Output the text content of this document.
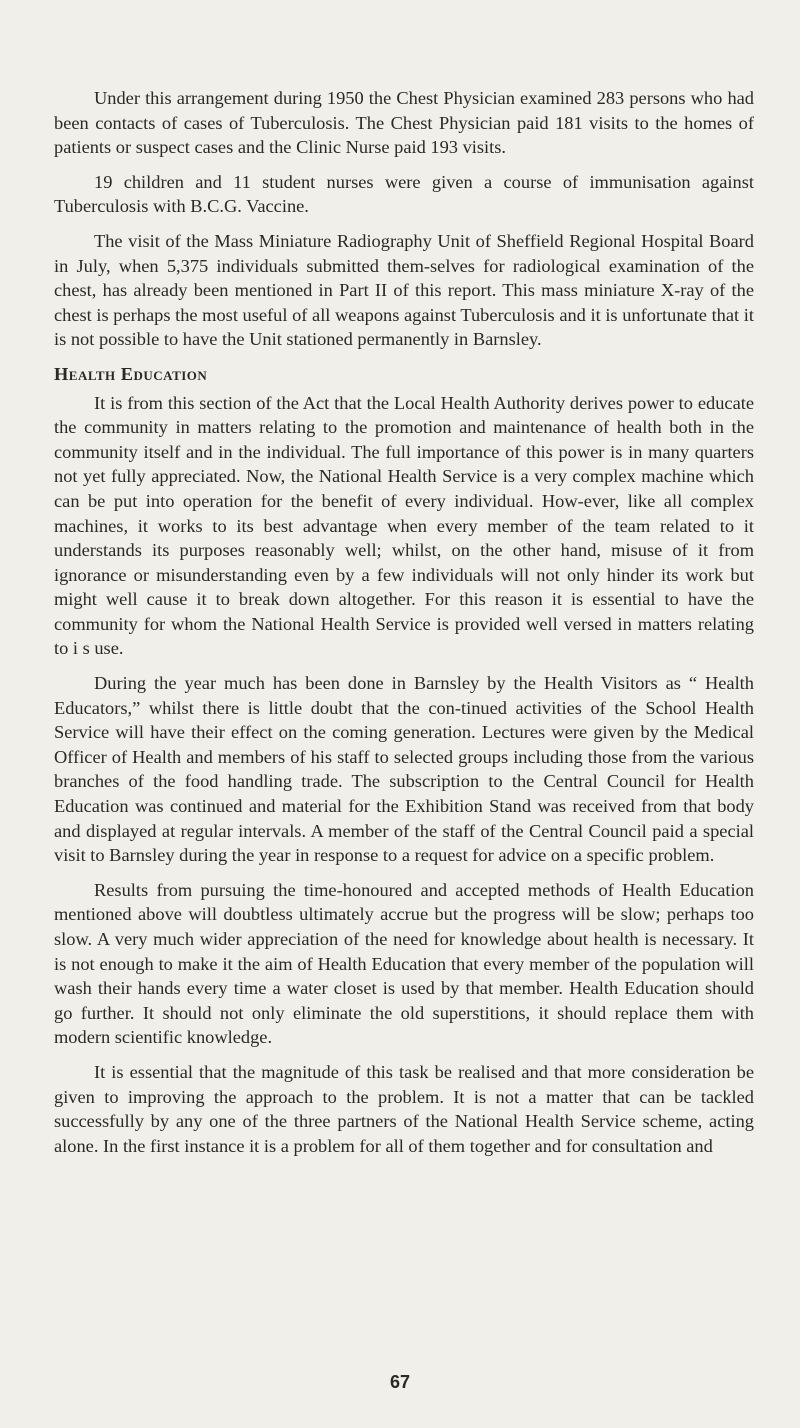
Under this arrangement during 1950 the Chest Physician examined 283 persons who had been contacts of cases of Tuberculosis. The Chest Physician paid 181 visits to the homes of patients or suspect cases and the Clinic Nurse paid 193 visits.

19 children and 11 student nurses were given a course of immunisation against Tuberculosis with B.C.G. Vaccine.

The visit of the Mass Miniature Radiography Unit of Sheffield Regional Hospital Board in July, when 5,375 individuals submitted them-selves for radiological examination of the chest, has already been mentioned in Part II of this report. This mass miniature X-ray of the chest is perhaps the most useful of all weapons against Tuberculosis and it is unfortunate that it is not possible to have the Unit stationed permanently in Barnsley.

Health Education

It is from this section of the Act that the Local Health Authority derives power to educate the community in matters relating to the promotion and maintenance of health both in the community itself and in the individual. The full importance of this power is in many quarters not yet fully appreciated. Now, the National Health Service is a very complex machine which can be put into operation for the benefit of every individual. How-ever, like all complex machines, it works to its best advantage when every member of the team related to it understands its purposes reasonably well; whilst, on the other hand, misuse of it from ignorance or misunderstanding even by a few individuals will not only hinder its work but might well cause it to break down altogether. For this reason it is essential to have the community for whom the National Health Service is provided well versed in matters relating to i s use.

During the year much has been done in Barnsley by the Health Visitors as “ Health Educators,” whilst there is little doubt that the con-tinued activities of the School Health Service will have their effect on the coming generation. Lectures were given by the Medical Officer of Health and members of his staff to selected groups including those from the various branches of the food handling trade. The subscription to the Central Council for Health Education was continued and material for the Exhibition Stand was received from that body and displayed at regular intervals. A member of the staff of the Central Council paid a special visit to Barnsley during the year in response to a request for advice on a specific problem.

Results from pursuing the time-honoured and accepted methods of Health Education mentioned above will doubtless ultimately accrue but the progress will be slow; perhaps too slow. A very much wider appreciation of the need for knowledge about health is necessary. It is not enough to make it the aim of Health Education that every member of the population will wash their hands every time a water closet is used by that member. Health Education should go further. It should not only eliminate the old superstitions, it should replace them with modern scientific knowledge.

It is essential that the magnitude of this task be realised and that more consideration be given to improving the approach to the problem. It is not a matter that can be tackled successfully by any one of the three partners of the National Health Service scheme, acting alone. In the first instance it is a problem for all of them together and for consultation and

67
